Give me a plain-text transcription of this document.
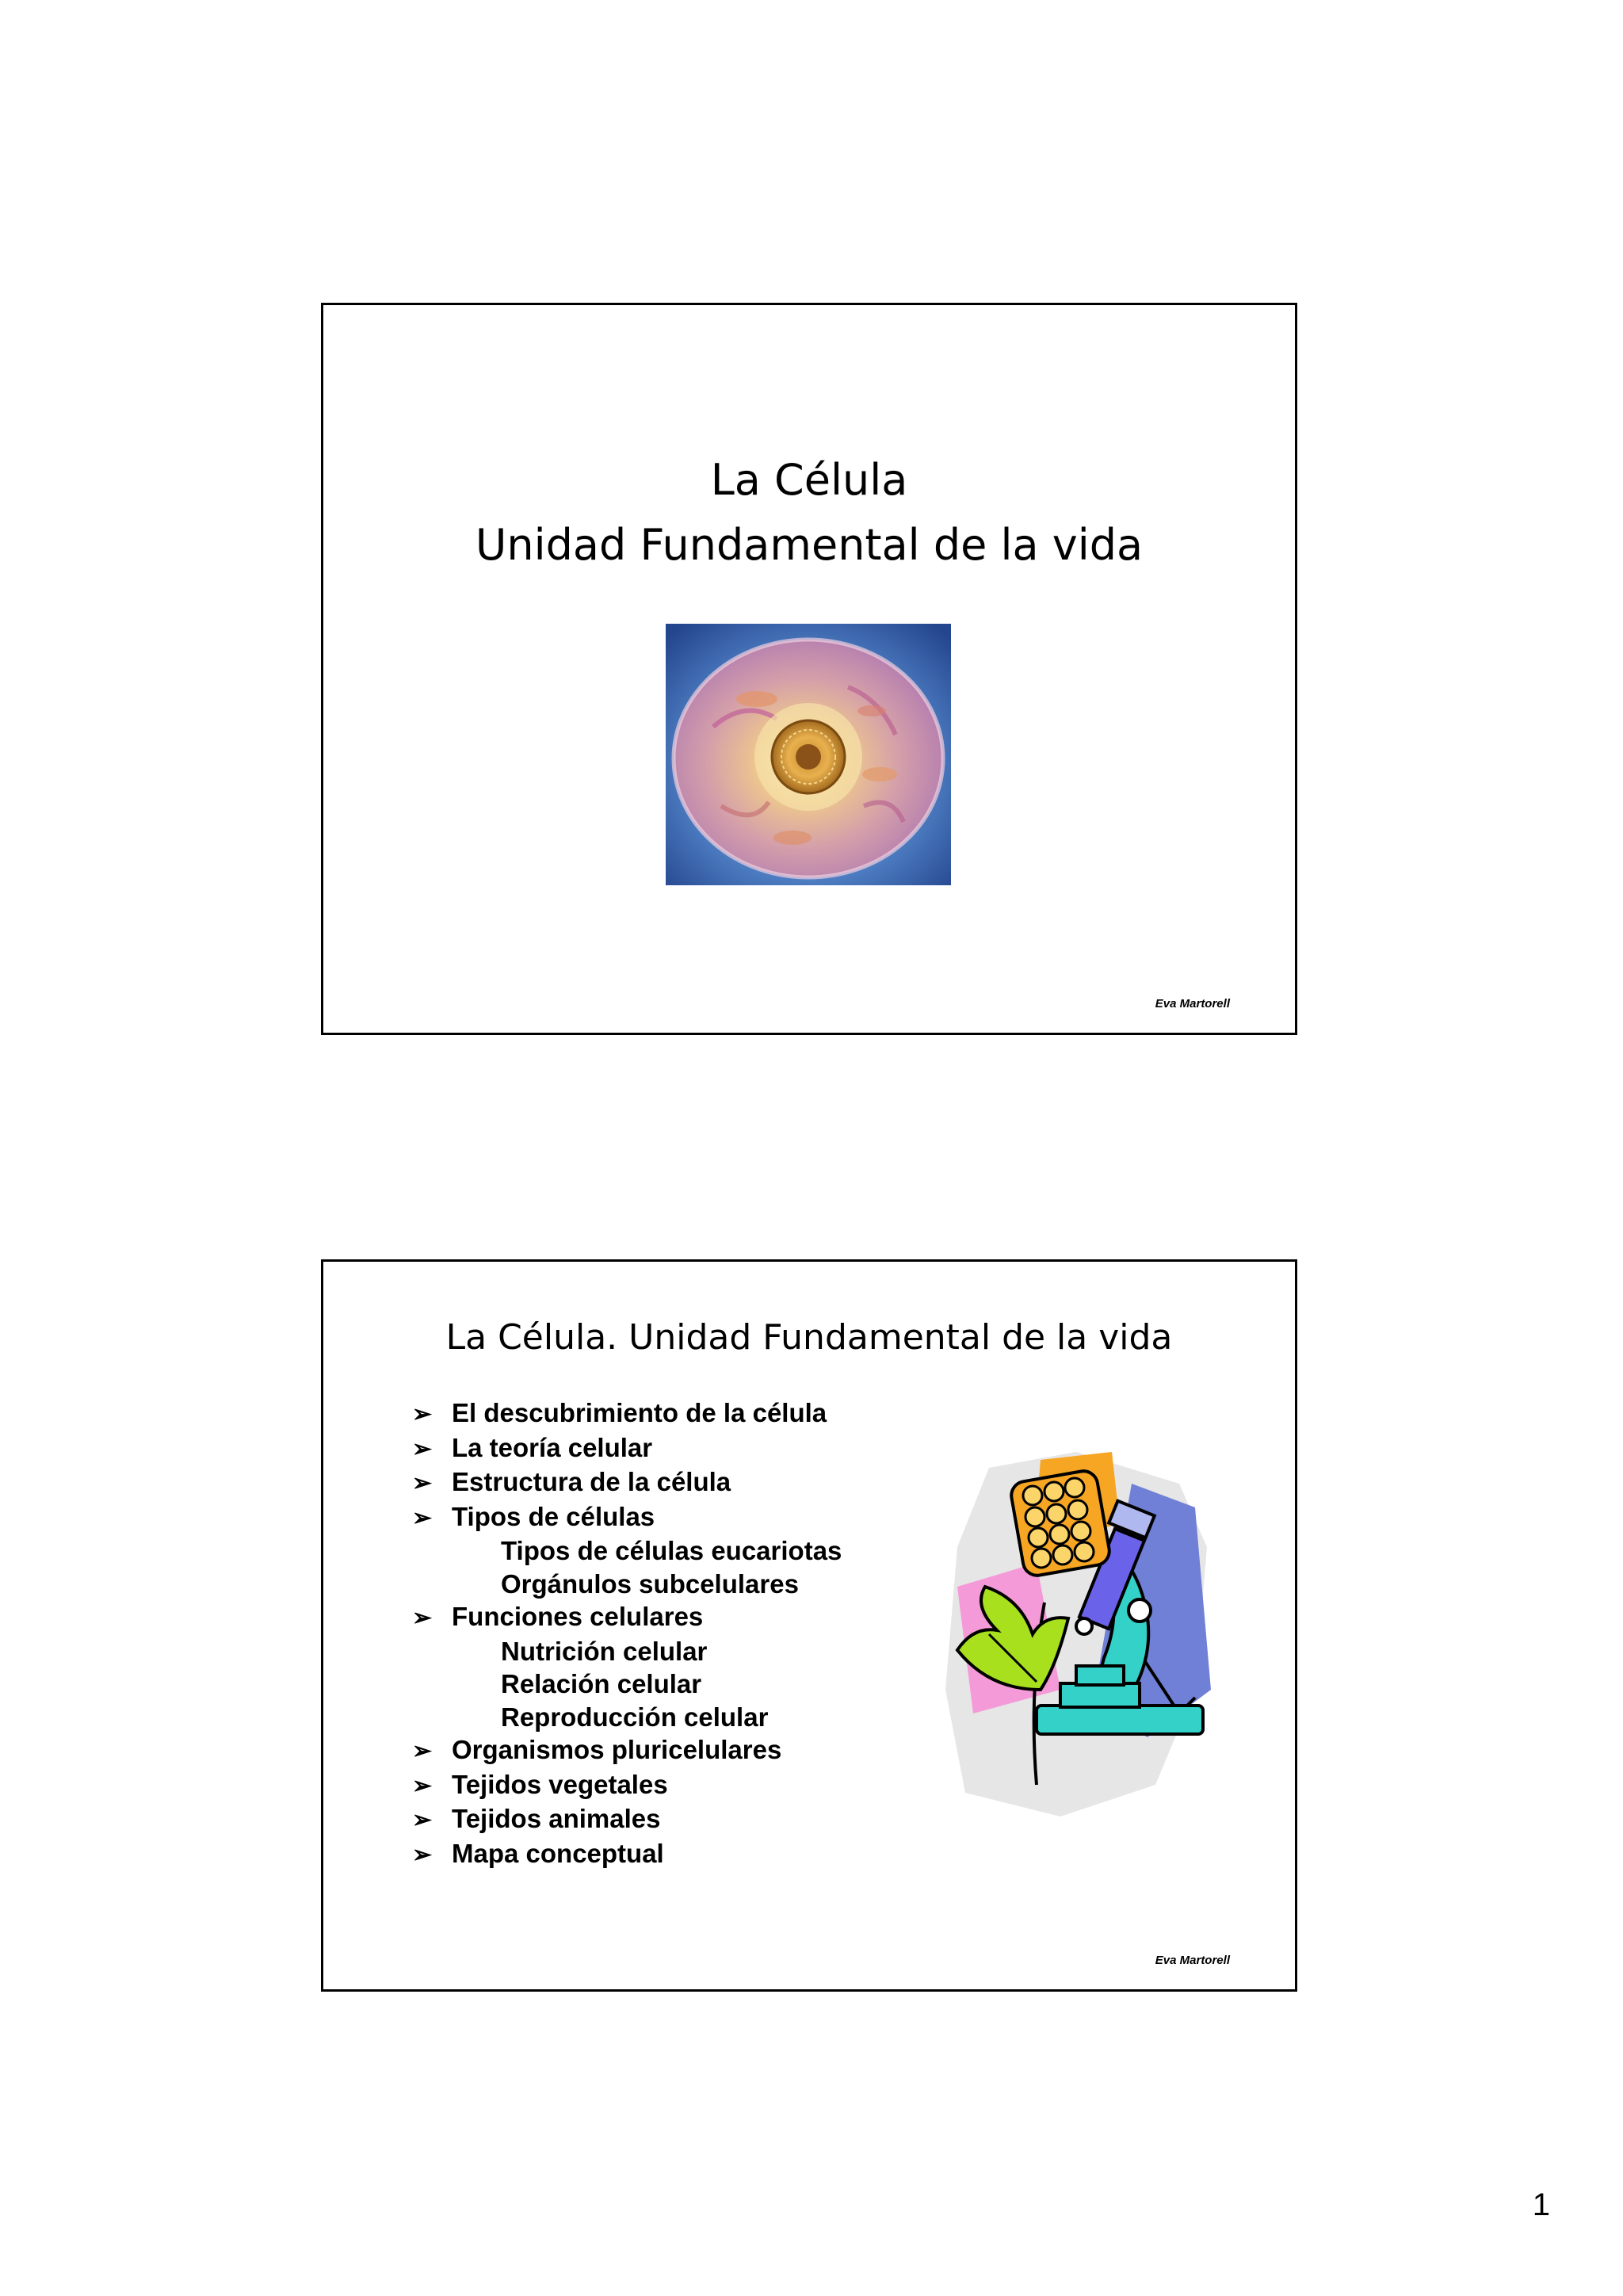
La Célula
Unidad Fundamental de la vida
Eva Martorell
La Célula. Unidad Fundamental de la vida
➢ El descubrimiento de la célula
➢ La teoría celular
➢ Estructura de la célula
➢ Tipos de células
Tipos de células eucariotas
Orgánulos subcelulares
➢ Funciones celulares
Nutrición celular
Relación celular
Reproducción celular
➢ Organismos pluricelulares
➢ Tejidos vegetales
➢ Tejidos animales
➢ Mapa conceptual
Eva Martorell
1
